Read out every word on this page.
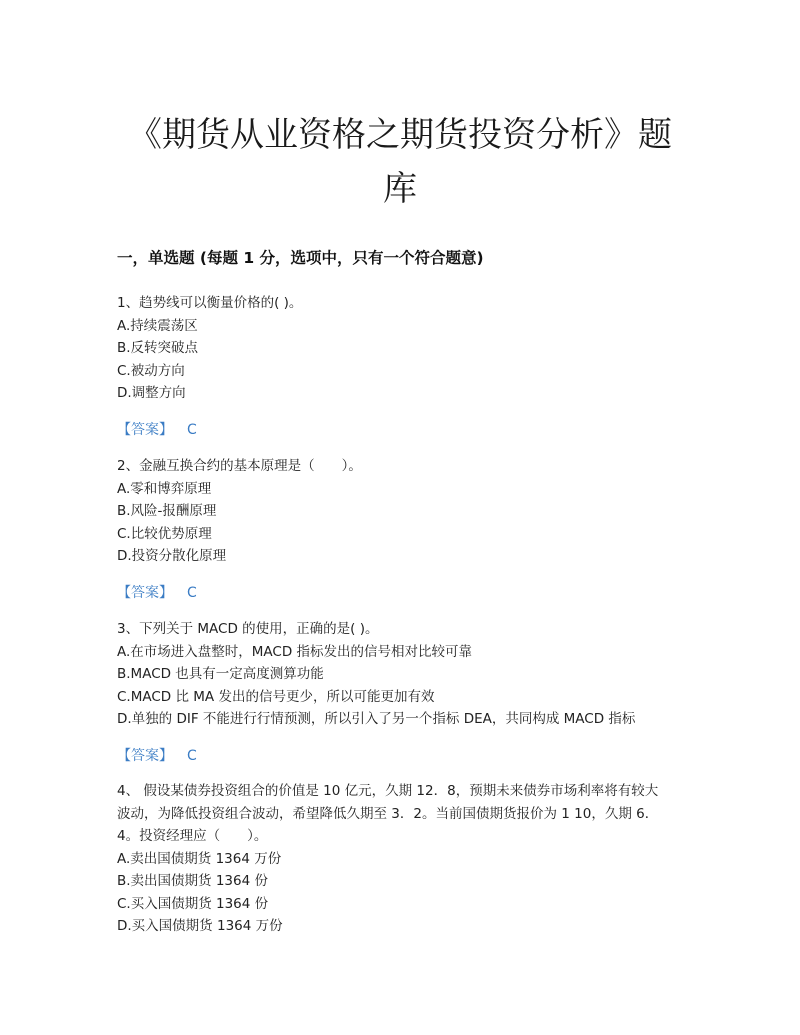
《期货从业资格之期货投资分析》题
库
一，单选题 (每题 1 分，选项中，只有一个符合题意)
1、趋势线可以衡量价格的( )。
A.持续震荡区
B.反转突破点
C.被动方向
D.调整方向
【答案】 C
2、金融互换合约的基本原理是（　　）。
A.零和博弈原理
B.风险-报酬原理
C.比较优势原理
D.投资分散化原理
【答案】 C
3、下列关于 MACD 的使用，正确的是( )。
A.在市场进入盘整时，MACD 指标发出的信号相对比较可靠
B.MACD 也具有一定高度测算功能
C.MACD 比 MA 发出的信号更少，所以可能更加有效
D.单独的 DIF 不能进行行情预测，所以引入了另一个指标 DEA，共同构成 MACD 指标
【答案】 C
4、 假设某债券投资组合的价值是 10 亿元，久期 12．8，预期未来债券市场利率将有较大
波动，为降低投资组合波动，希望降低久期至 3．2。当前国债期货报价为 1 10，久期 6．
4。投资经理应（　　）。
A.卖出国债期货 1364 万份
B.卖出国债期货 1364 份
C.买入国债期货 1364 份
D.买入国债期货 1364 万份
